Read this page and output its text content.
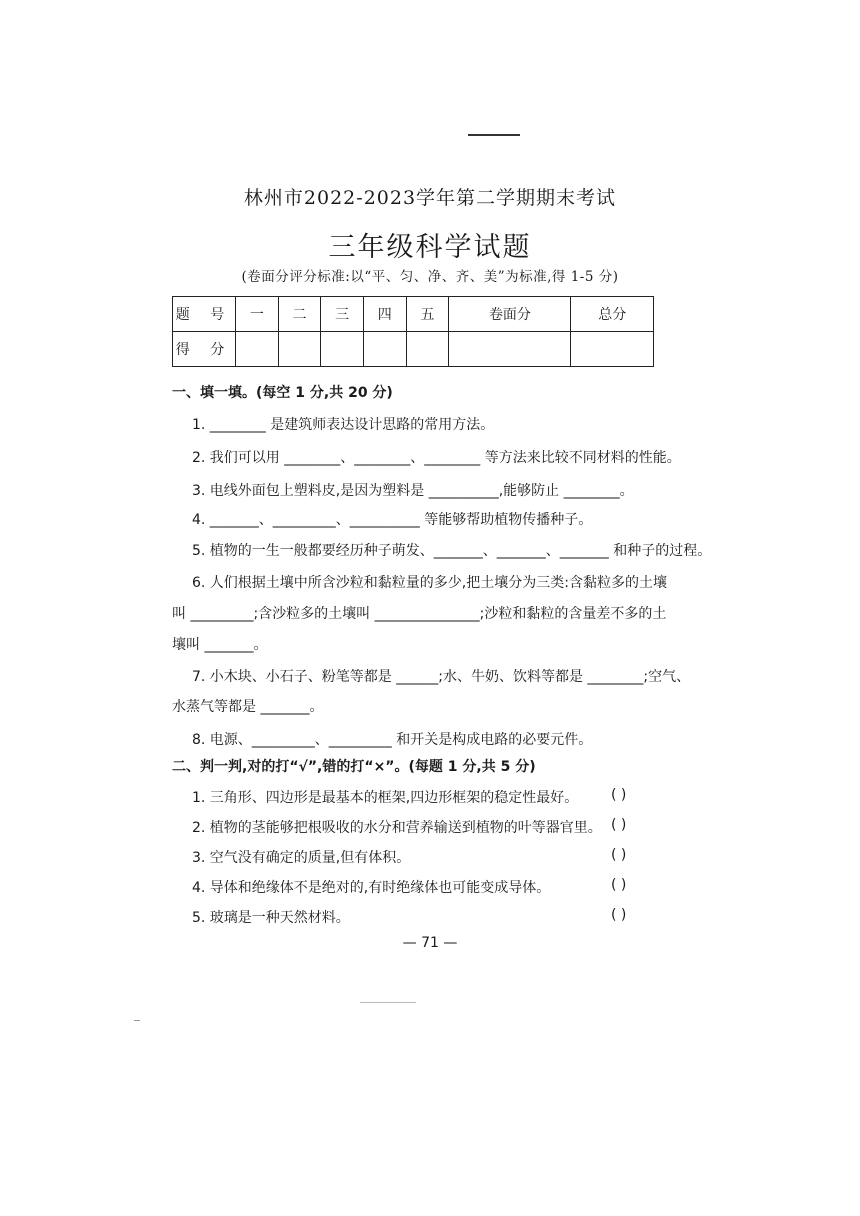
林州市2022-2023学年第二学期期末考试
三年级科学试题
(卷面分评分标准:以“平、匀、净、齐、美”为标准,得 1-5 分)
题 号	一	二	三	四	五	卷面分	总分
得 分							
一、填一填。(每空 1 分,共 20 分)
1. ________ 是建筑师表达设计思路的常用方法。
2. 我们可以用 ________、________、________ 等方法来比较不同材料的性能。
3. 电线外面包上塑料皮,是因为塑料是 __________,能够防止 ________。
4. _______、_________、__________ 等能够帮助植物传播种子。
5. 植物的一生一般都要经历种子萌发、_______、_______、_______ 和种子的过程。
6. 人们根据土壤中所含沙粒和黏粒量的多少,把土壤分为三类:含黏粒多的土壤
叫 _________;含沙粒多的土壤叫 _______________;沙粒和黏粒的含量差不多的土
壤叫 _______。
7. 小木块、小石子、粉笔等都是 ______;水、牛奶、饮料等都是 ________;空气、
水蒸气等都是 _______。
8. 电源、_________、_________ 和开关是构成电路的必要元件。
二、判一判,对的打“√”,错的打“×”。(每题 1 分,共 5 分)
1. 三角形、四边形是最基本的框架,四边形框架的稳定性最好。
2. 植物的茎能够把根吸收的水分和营养输送到植物的叶等器官里。
3. 空气没有确定的质量,但有体积。
4. 导体和绝缘体不是绝对的,有时绝缘体也可能变成导体。
5. 玻璃是一种天然材料。
( )
( )
( )
( )
( )
— 71 —
